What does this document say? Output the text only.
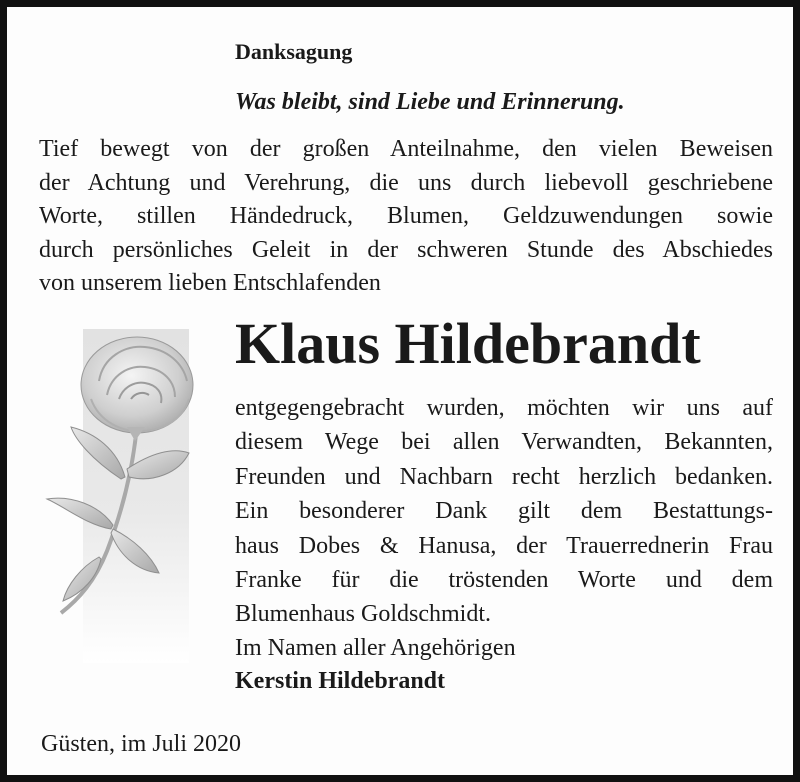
Danksagung
Was bleibt, sind Liebe und Erinnerung.

Tief bewegt von der großen Anteilnahme, den vielen Beweisen
der Achtung und Verehrung, die uns durch liebevoll geschriebene
Worte, stillen Händedruck, Blumen, Geldzuwendungen sowie
durch persönliches Geleit in der schweren Stunde des Abschiedes
von unserem lieben Entschlafenden

Klaus Hildebrandt

entgegengebracht wurden, möchten wir uns auf
diesem Wege bei allen Verwandten, Bekannten,
Freunden und Nachbarn recht herzlich bedanken.
Ein besonderer Dank gilt dem Bestattungs-
haus Dobes & Hanusa, der Trauerrednerin Frau
Franke für die tröstenden Worte und dem
Blumenhaus Goldschmidt.

Im Namen aller Angehörigen
Kerstin Hildebrandt
Güsten, im Juli 2020
